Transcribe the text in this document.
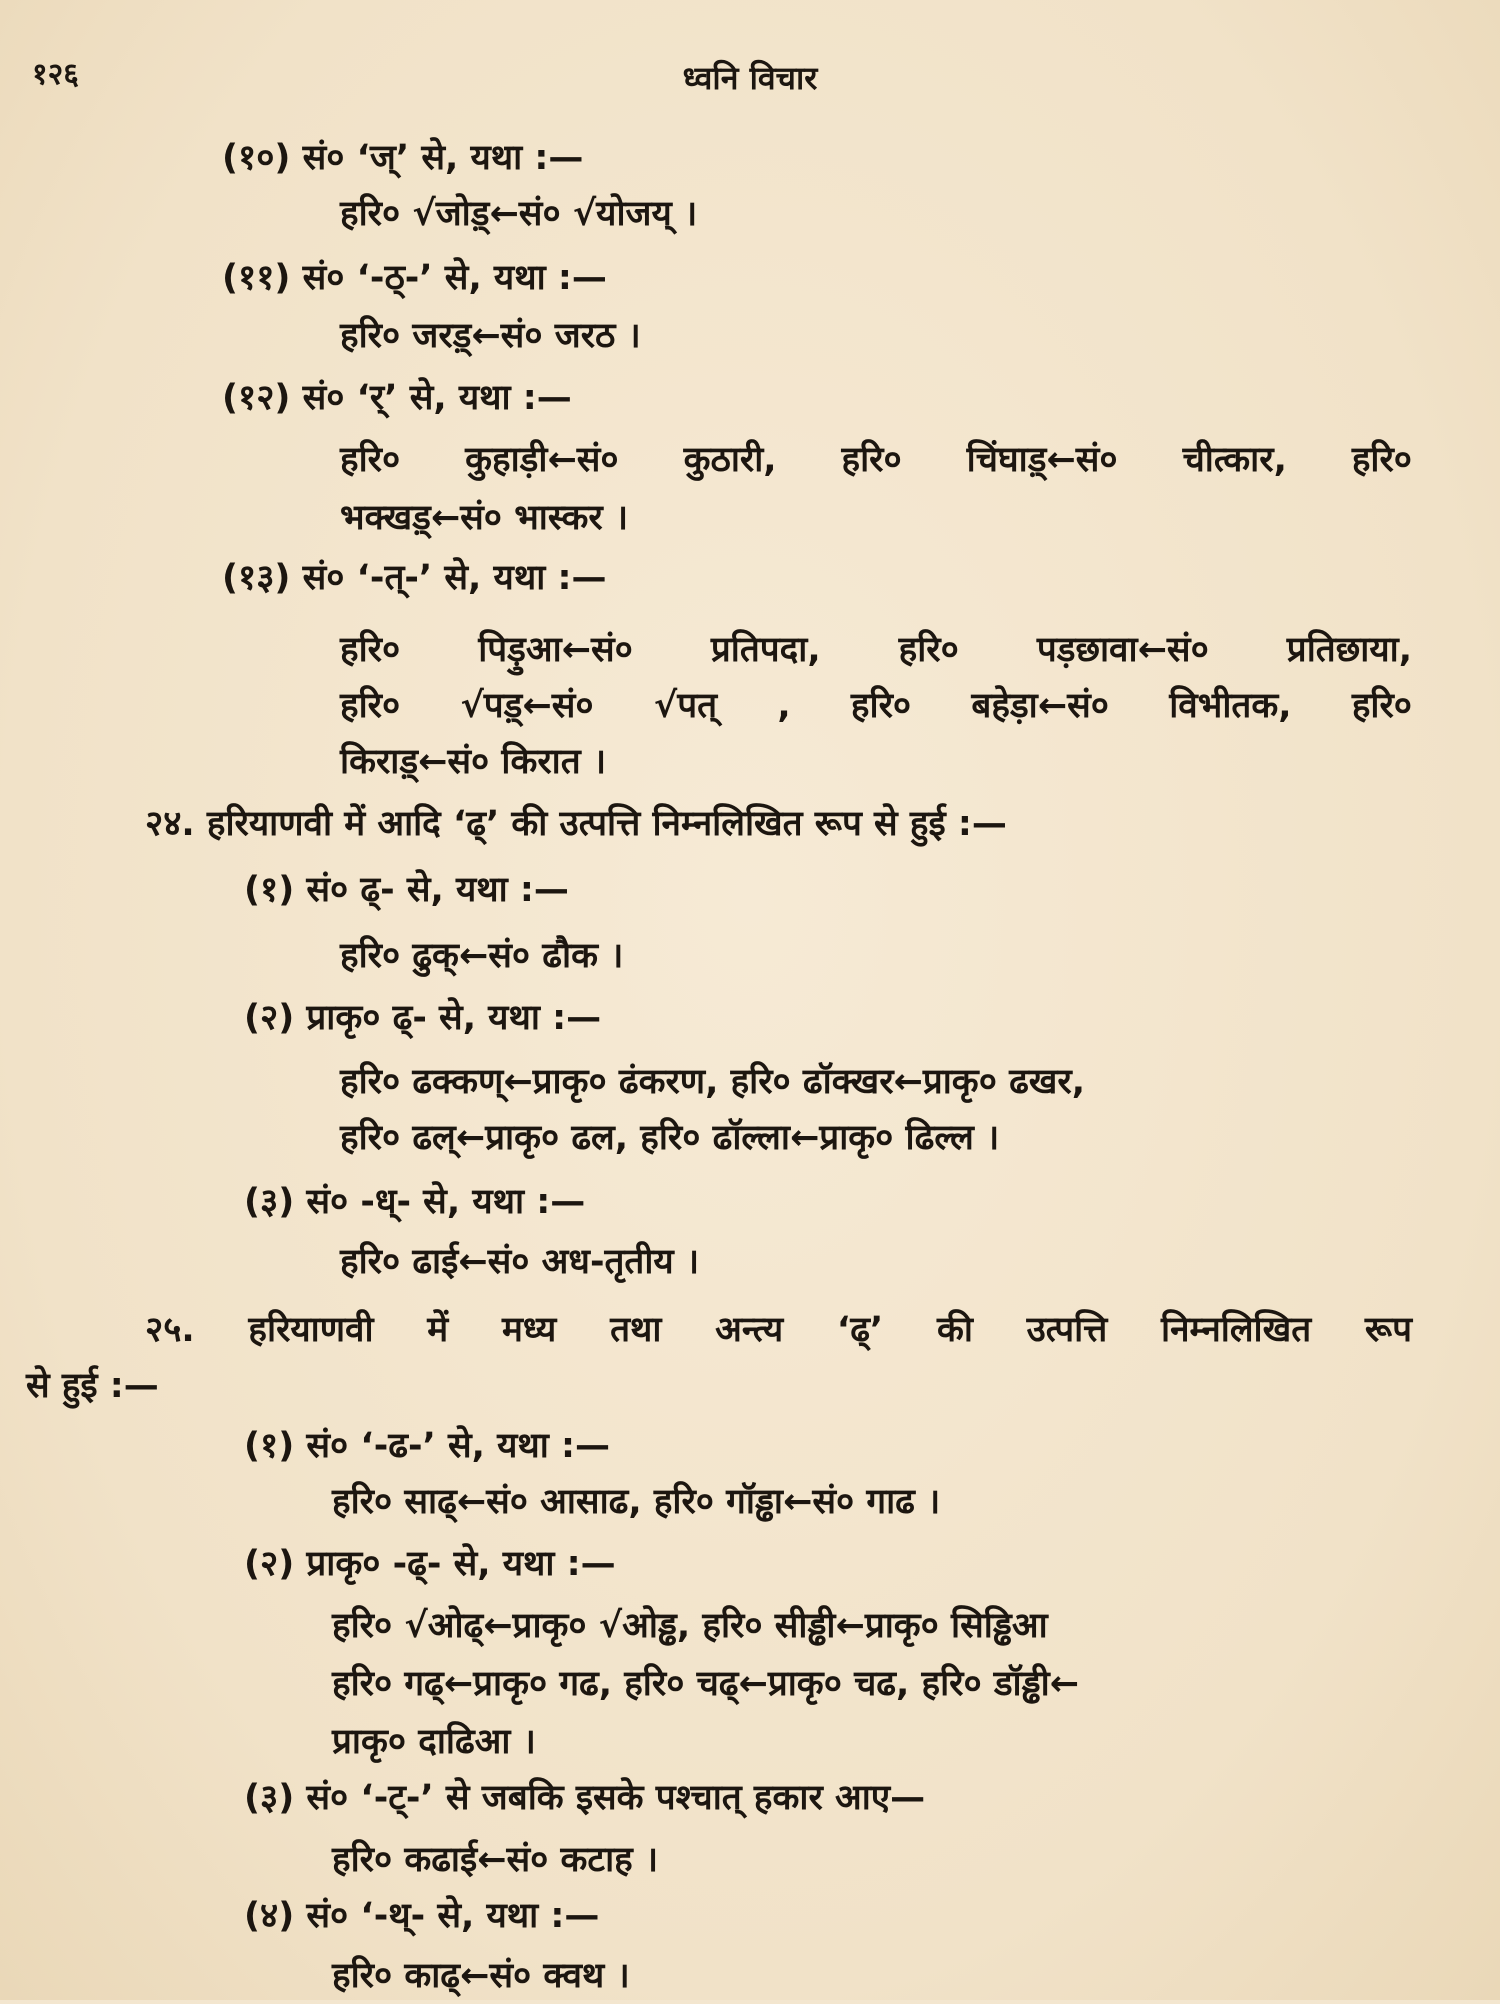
१२६	ध्वनि विचार
(१०) सं० ‘ज्’ से, यथा :—
हरि० √जोड़्←सं० √योजय् ।
(११) सं० ‘-ठ्-’ से, यथा :—
हरि० जरड़्←सं० जरठ ।
(१२) सं० ‘र्’ से, यथा :—
हरि० कुहाड़ी←सं० कुठारी, हरि० चिंघाड़्←सं० चीत्कार, हरि०
भक्खड़्←सं० भास्कर ।
(१३) सं० ‘-त्-’ से, यथा :—
हरि० पिड़ुआ←सं० प्रतिपदा, हरि० पड़छावा←सं० प्रतिछाया,
हरि० √पड़्←सं० √पत् , हरि० बहेड़ा←सं० विभीतक, हरि०
किराड़्←सं० किरात ।
२४. हरियाणवी में आदि ‘ढ्’ की उत्पत्ति निम्नलिखित रूप से हुई :—
(१) सं० ढ्- से, यथा :—
हरि० ढुक्←सं० ढौक ।
(२) प्राकृ० ढ्- से, यथा :—
हरि० ढक्कण्←प्राकृ० ढंकरण, हरि० ढॉक्खर←प्राकृ० ढखर,
हरि० ढल्←प्राकृ० ढल, हरि० ढॉल्ला←प्राकृ० ढिल्ल ।
(३) सं० -ध्- से, यथा :—
हरि० ढाई←सं० अध-तृतीय ।
२५. हरियाणवी में मध्य तथा अन्त्य ‘ढ्’ की उत्पत्ति निम्नलिखित रूप
से हुई :—
(१) सं० ‘-ढ-’ से, यथा :—
हरि० साढ्←सं० आसाढ, हरि० गॉड्ढा←सं० गाढ ।
(२) प्राकृ० -ढ्- से, यथा :—
हरि० √ओढ्←प्राकृ० √ओड्ढ, हरि० सीड्ढी←प्राकृ० सिड्ढिआ
हरि० गढ्←प्राकृ० गढ, हरि० चढ्←प्राकृ० चढ, हरि० डॉड्ढी←
प्राकृ० दाढिआ ।
(३) सं० ‘-ट्-’ से जबकि इसके पश्चात् हकार आए—
हरि० कढाई←सं० कटाह ।
(४) सं० ‘-थ्- से, यथा :—
हरि० काढ्←सं० क्वथ ।
